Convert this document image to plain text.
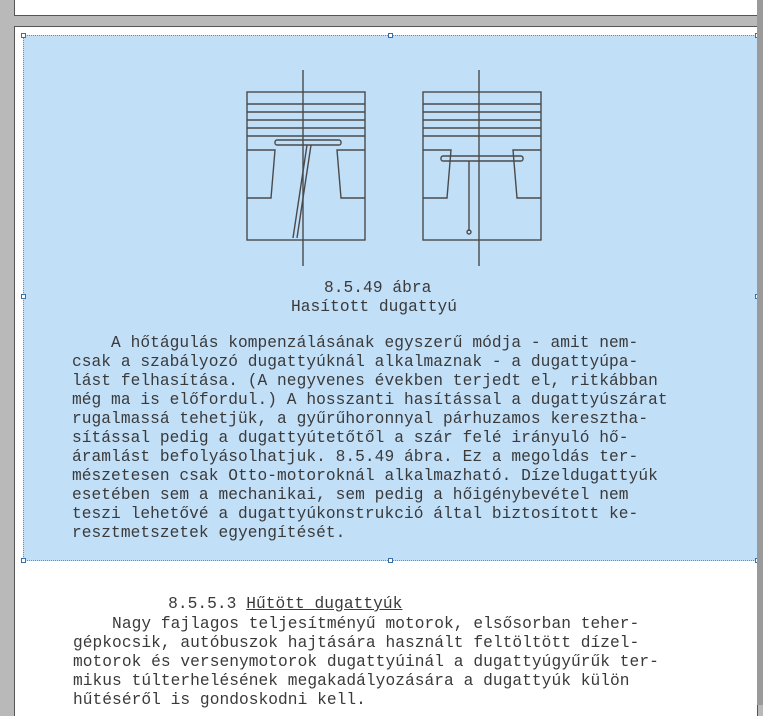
8.5.5.3 Hűtött dugattyúk

Nagy fajlagos teljesítményű motorok, elsősorban teher-
gépkocsik, autóbuszok hajtására használt feltöltött dízel-
motorok és versenymotorok dugattyúinál a dugattyúgyűrűk ter-
mikus túlterhelésének megakadályozására a dugattyúk külön
hűtéséről is gondoskodni kell.
8.5.49 ábra
Hasított dugattyú
A hőtágulás kompenzálásának egyszerű módja - amit nem-
csak a szabályozó dugattyúknál alkalmaznak - a dugattyúpa-
lást felhasítása. (A negyvenes években terjedt el, ritkábban
még ma is előfordul.) A hosszanti hasítással a dugattyúszárat
rugalmassá tehetjük, a gyűrűhoronnyal párhuzamos keresztha-
sítással pedig a dugattyútetőtől a szár felé irányuló hő-
áramlást befolyásolhatjuk. 8.5.49 ábra. Ez a megoldás ter-
mészetesen csak Otto-motoroknál alkalmazható. Dízeldugattyúk
esetében sem a mechanikai, sem pedig a hőigénybevétel nem
teszi lehetővé a dugattyúkonstrukció által biztosított ke-
resztmetszetek egyengítését.
